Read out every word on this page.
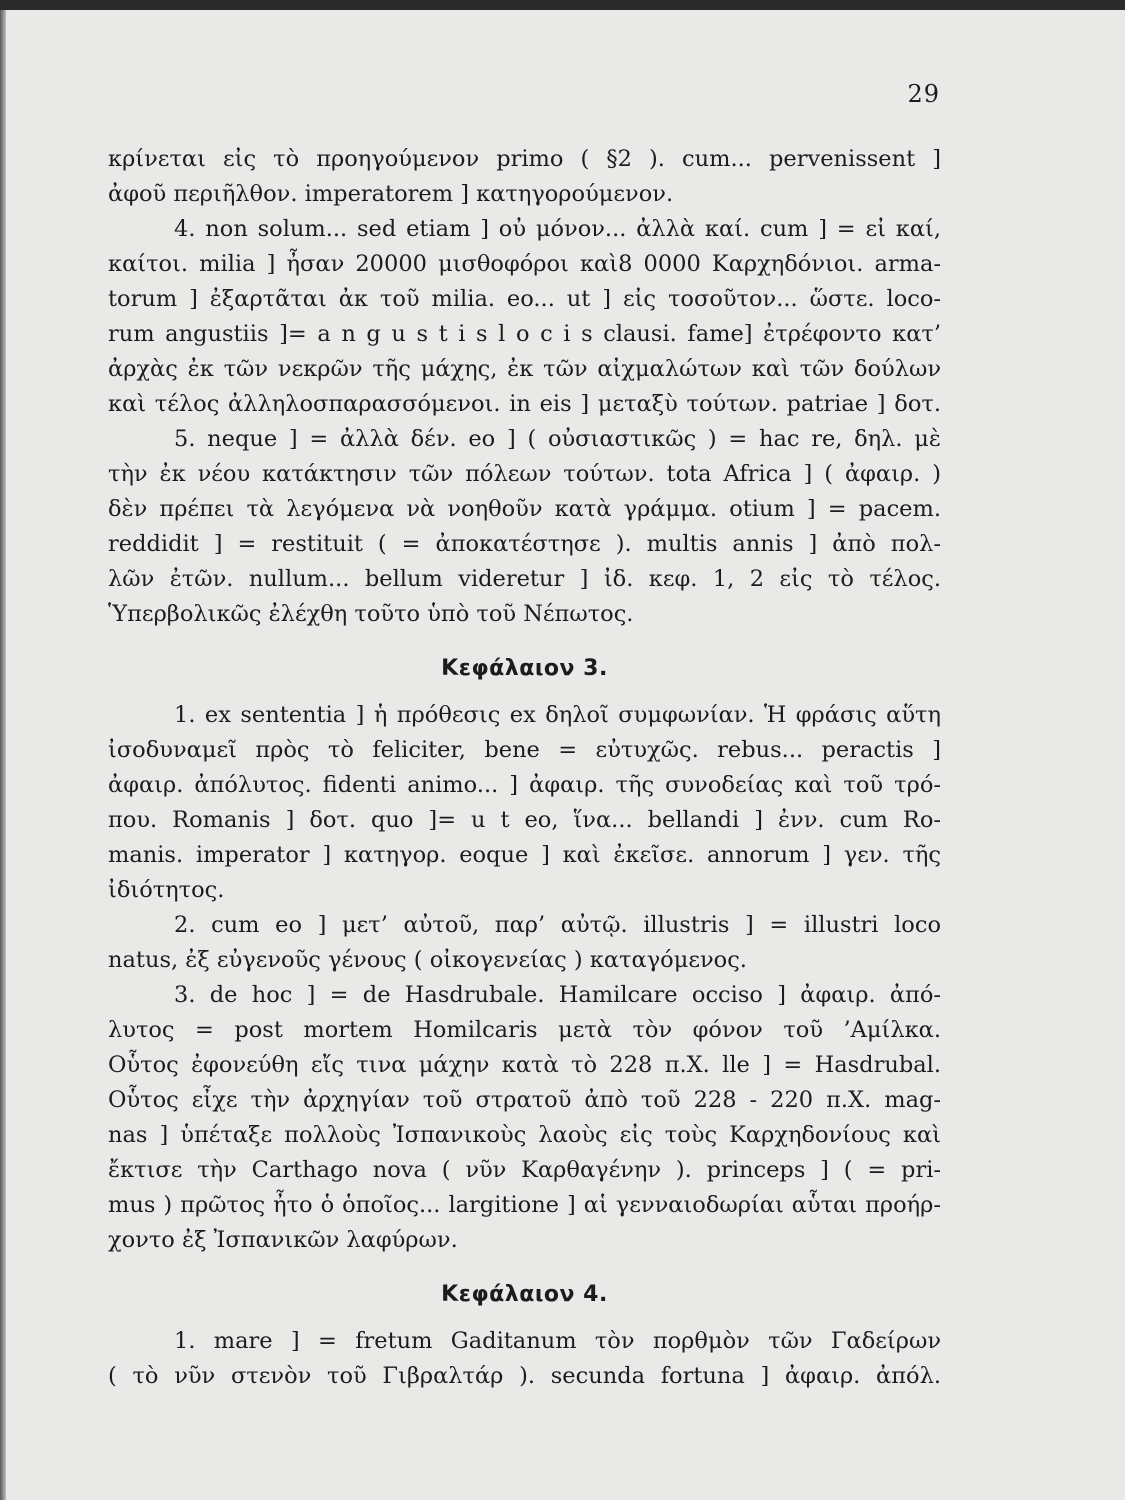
29
κρίνεται εἰς τὸ προηγούμενον primo ( §2 ). cum... pervenissent ]
ἀφοῦ περιῆλθον. imperatorem ] κατηγορούμενον.
4. non solum... sed etiam ] οὐ μόνον... ἀλλὰ καί. cum ] = εἰ καί,
καίτοι. milia ] ἦσαν 20000 μισθοφόροι καὶ8 0000 Καρχηδόνιοι. arma-
torum ] ἐξαρτᾶται ἀκ τοῦ milia. eo... ut ] εἰς τοσοῦτον... ὥστε. loco-
rum angustiis ]= a n g u s t i s l o c i s clausi. fame] ἐτρέφοντο κατ’
ἀρχὰς ἐκ τῶν νεκρῶν τῆς μάχης, ἐκ τῶν αἰχμαλώτων καὶ τῶν δούλων
καὶ τέλος ἀλληλοσπαρασσόμενοι. in eis ] μεταξὺ τούτων. patriae ] δοτ.
5. neque ] = ἀλλὰ δέν. eo ] ( οὐσιαστικῶς ) = hac re, δηλ. μὲ
τὴν ἐκ νέου κατάκτησιν τῶν πόλεων τούτων. tota Africa ] ( ἀφαιρ. )
δὲν πρέπει τὰ λεγόμενα νὰ νοηθοῦν κατὰ γράμμα. otium ] = pacem.
reddidit ] = restituit ( = ἀποκατέστησε ). multis annis ] ἀπὸ πολ-
λῶν ἐτῶν. nullum... bellum videretur ] ἰδ. κεφ. 1, 2 εἰς τὸ τέλος.
Ὑπερβολικῶς ἐλέχθη τοῦτο ὑπὸ τοῦ Νέπωτος.
Κεφάλαιον 3.
1. ex sententia ] ἡ πρόθεσις ex δηλοῖ συμφωνίαν. Ἡ φράσις αὕτη
ἰσοδυναμεῖ πρὸς τὸ feliciter, bene = εὐτυχῶς. rebus... peractis ]
ἀφαιρ. ἀπόλυτος. fidenti animo... ] ἀφαιρ. τῆς συνοδείας καὶ τοῦ τρό-
που. Romanis ] δοτ. quo ]= u t eo, ἵνα... bellandi ] ἐνν. cum Ro-
manis. imperator ] κατηγορ. eoque ] καὶ ἐκεῖσε. annorum ] γεν. τῆς
ἰδιότητος.
2. cum eo ] μετ’ αὐτοῦ, παρ’ αὐτῷ. illustris ] = illustri loco
natus, ἐξ εὐγενοῦς γένους ( οἰκογενείας ) καταγόμενος.
3. de hoc ] = de Hasdrubale. Hamilcare occiso ] ἀφαιρ. ἀπό-
λυτος = post mortem Homilcaris μετὰ τὸν φόνον τοῦ ’Αμίλκα.
Οὗτος ἐφονεύθη εἴς τινα μάχην κατὰ τὸ 228 π.Χ. lle ] = Hasdrubal.
Οὗτος εἶχε τὴν ἀρχηγίαν τοῦ στρατοῦ ἀπὸ τοῦ 228 - 220 π.Χ. mag-
nas ] ὑπέταξε πολλοὺς Ἰσπανικοὺς λαοὺς εἰς τοὺς Καρχηδονίους καὶ
ἔκτισε τὴν Carthago nova ( νῦν Καρθαγένην ). princeps ] ( = pri-
mus ) πρῶτος ἦτο ὁ ὁποῖος... largitione ] αἱ γενναιοδωρίαι αὗται προήρ-
χοντο ἐξ Ἰσπανικῶν λαφύρων.
Κεφάλαιον 4.
1. mare ] = fretum Gaditanum τὸν πορθμὸν τῶν Γαδείρων
( τὸ νῦν στενὸν τοῦ Γιβραλτάρ ). secunda fortuna ] ἀφαιρ. ἀπόλ.
